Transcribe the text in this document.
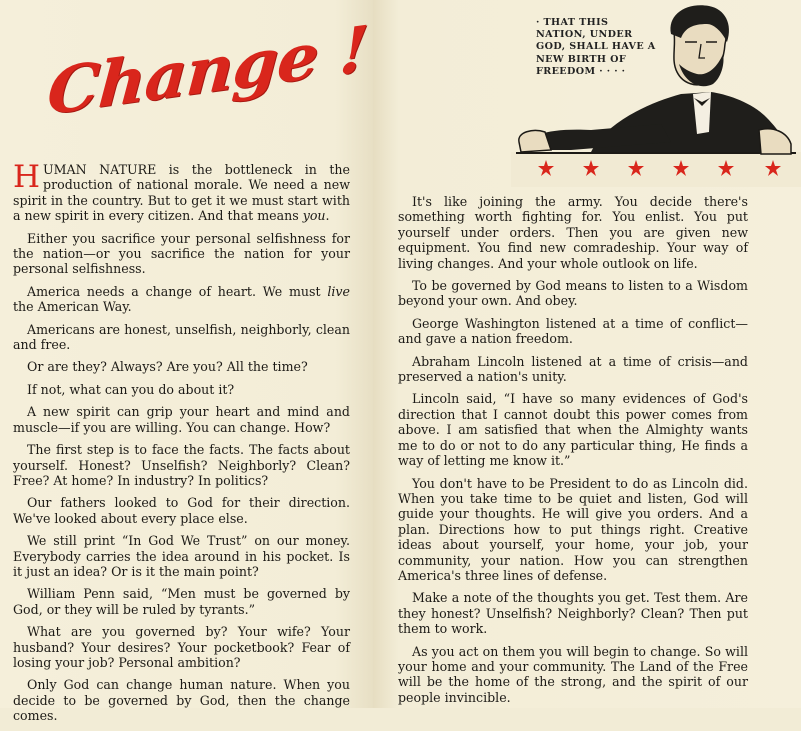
Change !

HUMAN NATURE is the bottleneck in the production of national morale. We need a new spirit in the country. But to get it we must start with a new spirit in every citizen. And that means you.

Either you sacrifice your personal selfishness for the nation—or you sacrifice the nation for your personal selfishness.

America needs a change of heart. We must live the American Way.

Americans are honest, unselfish, neighborly, clean and free.

Or are they? Always? Are you? All the time?

If not, what can you do about it?

A new spirit can grip your heart and mind and muscle—if you are willing. You can change. How?

The first step is to face the facts. The facts about yourself. Honest? Unselfish? Neighborly? Clean? Free? At home? In industry? In politics?

Our fathers looked to God for their direction. We've looked about every place else.

We still print “In God We Trust” on our money. Everybody carries the idea around in his pocket. Is it just an idea? Or is it the main point?

William Penn said, “Men must be governed by God, or they will be ruled by tyrants.”

What are you governed by? Your wife? Your husband? Your desires? Your pocketbook? Fear of losing your job? Personal ambition?

Only God can change human nature. When you decide to be governed by God, then the change comes.

· THAT THIS NATION, UNDER GOD, SHALL HAVE A NEW BIRTH OF FREEDOM · · · ·

It's like joining the army. You decide there's something worth fighting for. You enlist. You put yourself under orders. Then you are given new equipment. You find new comradeship. Your way of living changes. And your whole outlook on life.

To be governed by God means to listen to a Wisdom beyond your own. And obey.

George Washington listened at a time of conflict—and gave a nation freedom.

Abraham Lincoln listened at a time of crisis—and preserved a nation's unity.

Lincoln said, “I have so many evidences of God's direction that I cannot doubt this power comes from above. I am satisfied that when the Almighty wants me to do or not to do any particular thing, He finds a way of letting me know it.”

You don't have to be President to do as Lincoln did. When you take time to be quiet and listen, God will guide your thoughts. He will give you orders. And a plan. Directions how to put things right. Creative ideas about yourself, your home, your job, your community, your nation. How you can strengthen America's three lines of defense.

Make a note of the thoughts you get. Test them. Are they honest? Unselfish? Neighborly? Clean? Then put them to work.

As you act on them you will begin to change. So will your home and your community. The Land of the Free will be the home of the strong, and the spirit of our people invincible.
